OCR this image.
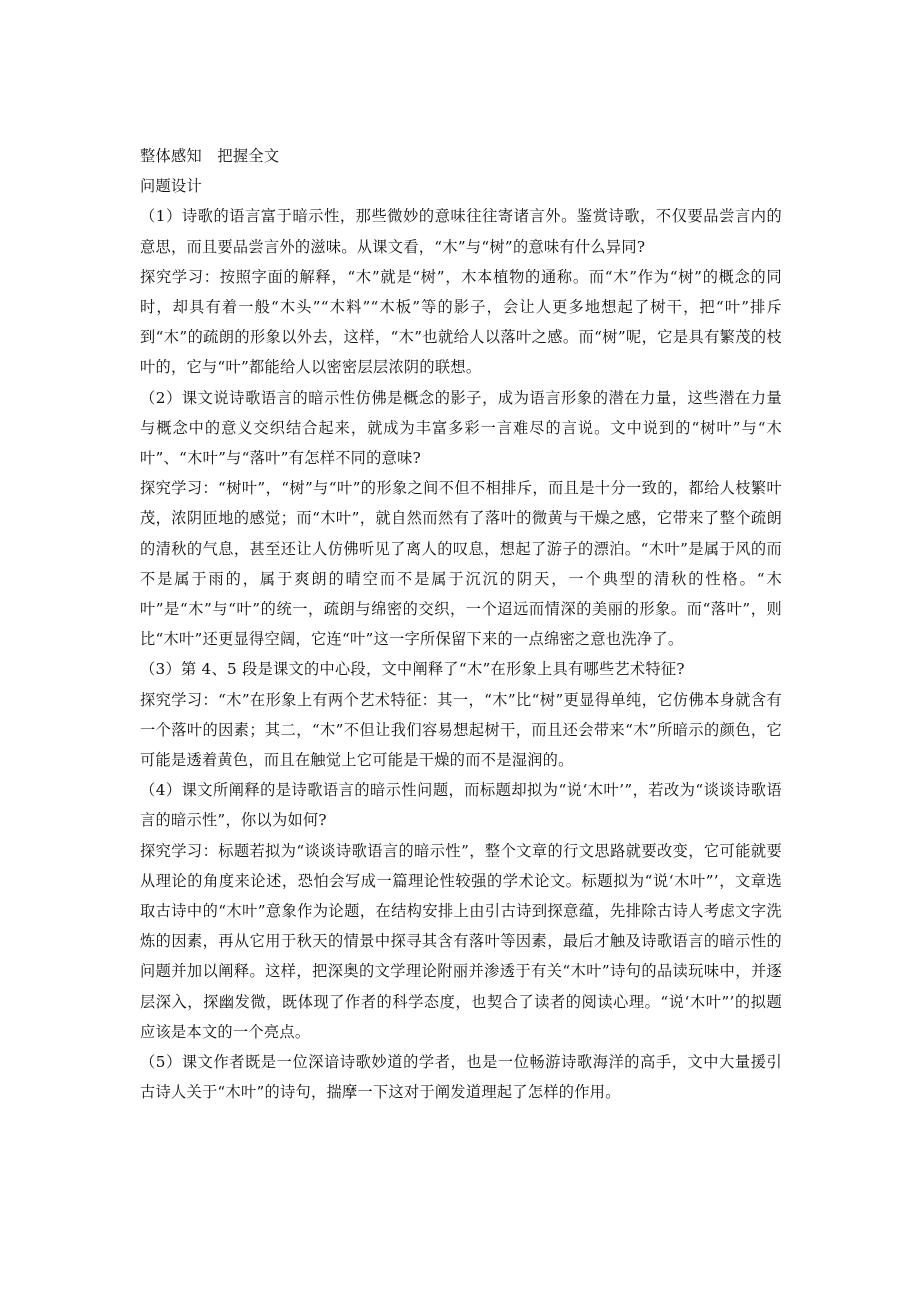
整体感知　把握全文

问题设计

（1）诗歌的语言富于暗示性，那些微妙的意味往往寄诸言外。鉴赏诗歌，不仅要品尝言内的意思，而且要品尝言外的滋味。从课文看，“木”与“树”的意味有什么异同?

探究学习：按照字面的解释，“木”就是“树”，木本植物的通称。而“木”作为“树”的概念的同时，却具有着一般“木头”“木料”“木板”等的影子，会让人更多地想起了树干，把“叶”排斥到“木”的疏朗的形象以外去，这样，“木”也就给人以落叶之感。而“树”呢，它是具有繁茂的枝叶的，它与“叶”都能给人以密密层层浓阴的联想。

（2）课文说诗歌语言的暗示性仿佛是概念的影子，成为语言形象的潜在力量，这些潜在力量与概念中的意义交织结合起来，就成为丰富多彩一言难尽的言说。文中说到的“树叶”与“木叶”、“木叶”与“落叶”有怎样不同的意味?

探究学习：“树叶”，“树”与“叶”的形象之间不但不相排斥，而且是十分一致的，都给人枝繁叶茂，浓阴匝地的感觉；而“木叶”，就自然而然有了落叶的微黄与干燥之感，它带来了整个疏朗的清秋的气息，甚至还让人仿佛听见了离人的叹息，想起了游子的漂泊。“木叶”是属于风的而不是属于雨的，属于爽朗的晴空而不是属于沉沉的阴天，一个典型的清秋的性格。“木叶”是“木”与“叶”的统一，疏朗与绵密的交织，一个迢远而情深的美丽的形象。而“落叶”，则比“木叶”还更显得空阔，它连“叶”这一字所保留下来的一点绵密之意也洗净了。

（3）第 4、5 段是课文的中心段，文中阐释了“木”在形象上具有哪些艺术特征?

探究学习：“木”在形象上有两个艺术特征：其一，“木”比“树”更显得单纯，它仿佛本身就含有一个落叶的因素；其二，“木”不但让我们容易想起树干，而且还会带来“木”所暗示的颜色，它可能是透着黄色，而且在触觉上它可能是干燥的而不是湿润的。

（4）课文所阐释的是诗歌语言的暗示性问题，而标题却拟为“说‘木叶’”，若改为“谈谈诗歌语言的暗示性”，你以为如何?

探究学习：标题若拟为“谈谈诗歌语言的暗示性”，整个文章的行文思路就要改变，它可能就要从理论的角度来论述，恐怕会写成一篇理论性较强的学术论文。标题拟为“说‘木叶”’，文章选取古诗中的“木叶”意象作为论题，在结构安排上由引古诗到探意蕴，先排除古诗人考虑文字洗炼的因素，再从它用于秋天的情景中探寻其含有落叶等因素，最后才触及诗歌语言的暗示性的问题并加以阐释。这样，把深奥的文学理论附丽并渗透于有关“木叶”诗句的品读玩味中，并逐层深入，探幽发微，既体现了作者的科学态度，也契合了读者的阅读心理。“说‘木叶”’的拟题应该是本文的一个亮点。

（5）课文作者既是一位深谙诗歌妙道的学者，也是一位畅游诗歌海洋的高手，文中大量援引古诗人关于“木叶”的诗句，揣摩一下这对于阐发道理起了怎样的作用。
